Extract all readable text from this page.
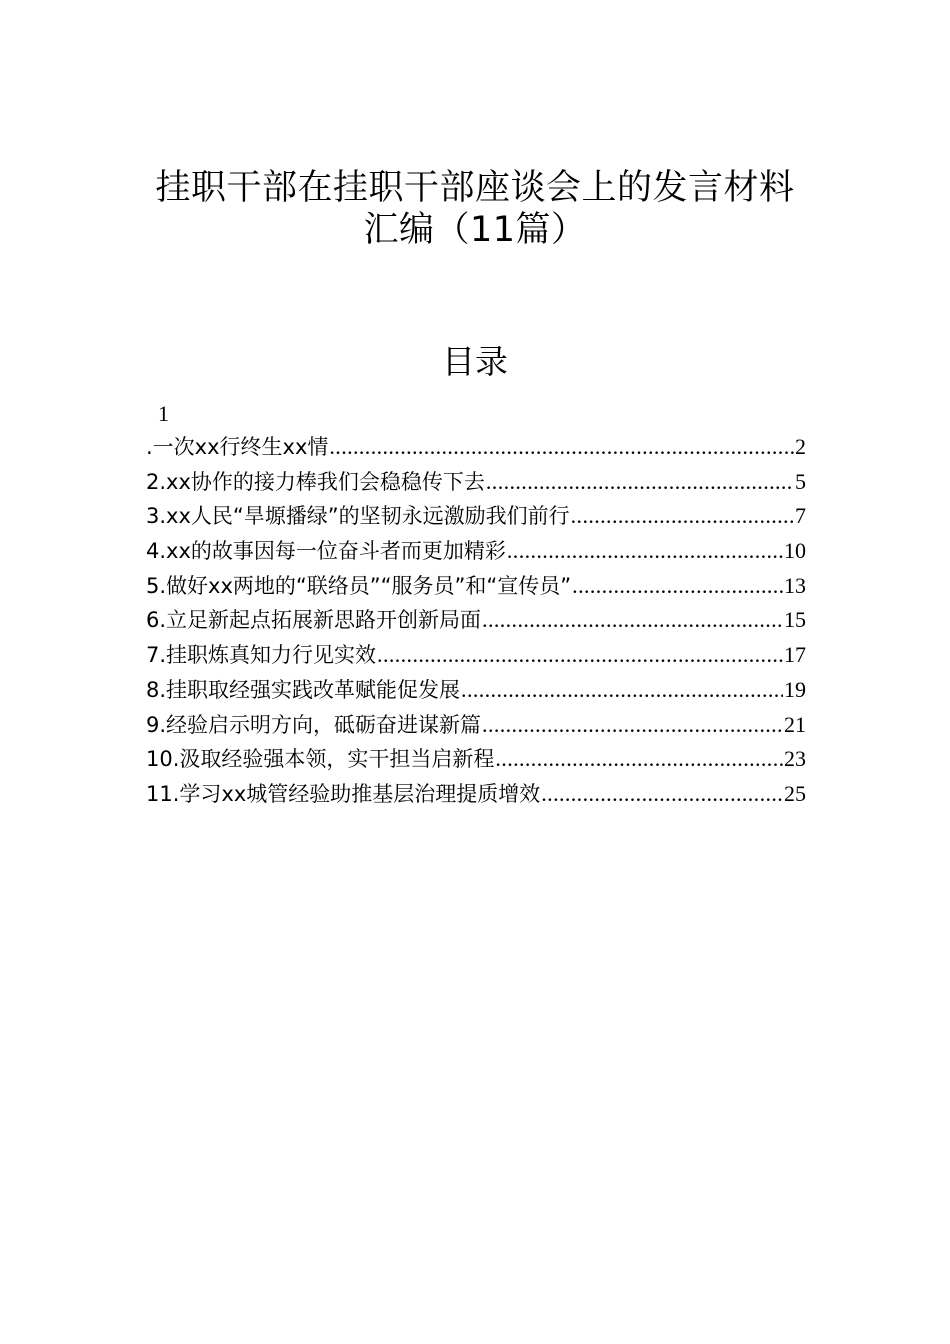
挂职干部在挂职干部座谈会上的发言材料
汇编（11篇）
目录
1
.一次xx行终生xx情 .....	2
2.xx协作的接力棒我们会稳稳传下去 .....	5
3.xx人民“旱塬播绿”的坚韧永远激励我们前行 .....	7
4.xx的故事因每一位奋斗者而更加精彩 .....	10
5.做好xx两地的“联络员”“服务员”和“宣传员” .....	13
6.立足新起点拓展新思路开创新局面 .....	15
7.挂职炼真知力行见实效 .....	17
8.挂职取经强实践改革赋能促发展 .....	19
9.经验启示明方向，砥砺奋进谋新篇 .....	21
10.汲取经验强本领，实干担当启新程 .....	23
11.学习xx城管经验助推基层治理提质增效 .....	25
